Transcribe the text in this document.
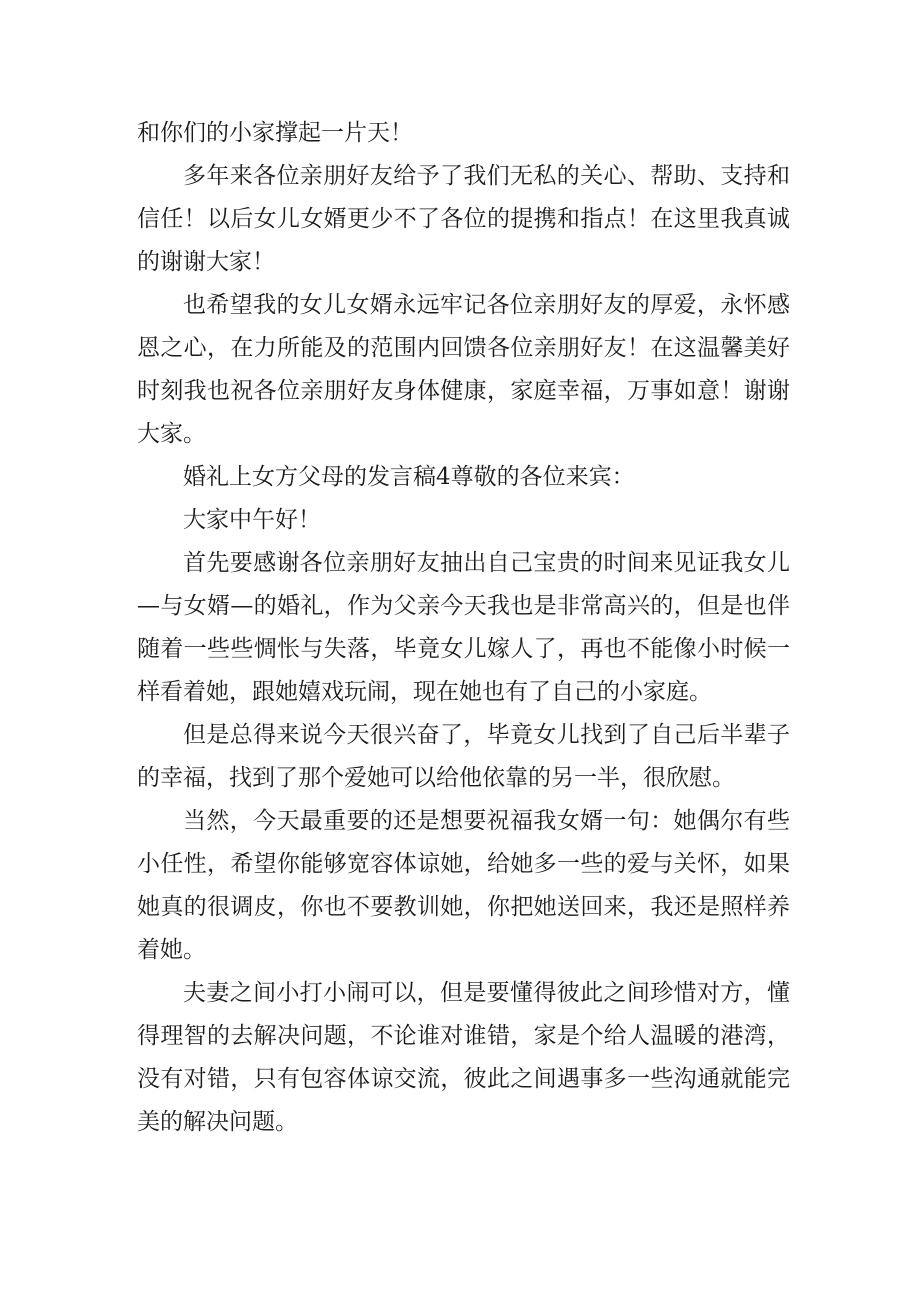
和你们的小家撑起一片天！

多年来各位亲朋好友给予了我们无私的关心、帮助、支持和信任！以后女儿女婿更少不了各位的提携和指点！在这里我真诚的谢谢大家！

也希望我的女儿女婿永远牢记各位亲朋好友的厚爱，永怀感恩之心，在力所能及的范围内回馈各位亲朋好友！在这温馨美好时刻我也祝各位亲朋好友身体健康，家庭幸福，万事如意！谢谢大家。

婚礼上女方父母的发言稿4尊敬的各位来宾：

大家中午好！

首先要感谢各位亲朋好友抽出自己宝贵的时间来见证我女儿—与女婿—的婚礼，作为父亲今天我也是非常高兴的，但是也伴随着一些些惆怅与失落，毕竟女儿嫁人了，再也不能像小时候一样看着她，跟她嬉戏玩闹，现在她也有了自己的小家庭。

但是总得来说今天很兴奋了，毕竟女儿找到了自己后半辈子的幸福，找到了那个爱她可以给他依靠的另一半，很欣慰。

当然，今天最重要的还是想要祝福我女婿一句：她偶尔有些小任性，希望你能够宽容体谅她，给她多一些的爱与关怀，如果她真的很调皮，你也不要教训她，你把她送回来，我还是照样养着她。

夫妻之间小打小闹可以，但是要懂得彼此之间珍惜对方，懂得理智的去解决问题，不论谁对谁错，家是个给人温暖的港湾，没有对错，只有包容体谅交流，彼此之间遇事多一些沟通就能完美的解决问题。
